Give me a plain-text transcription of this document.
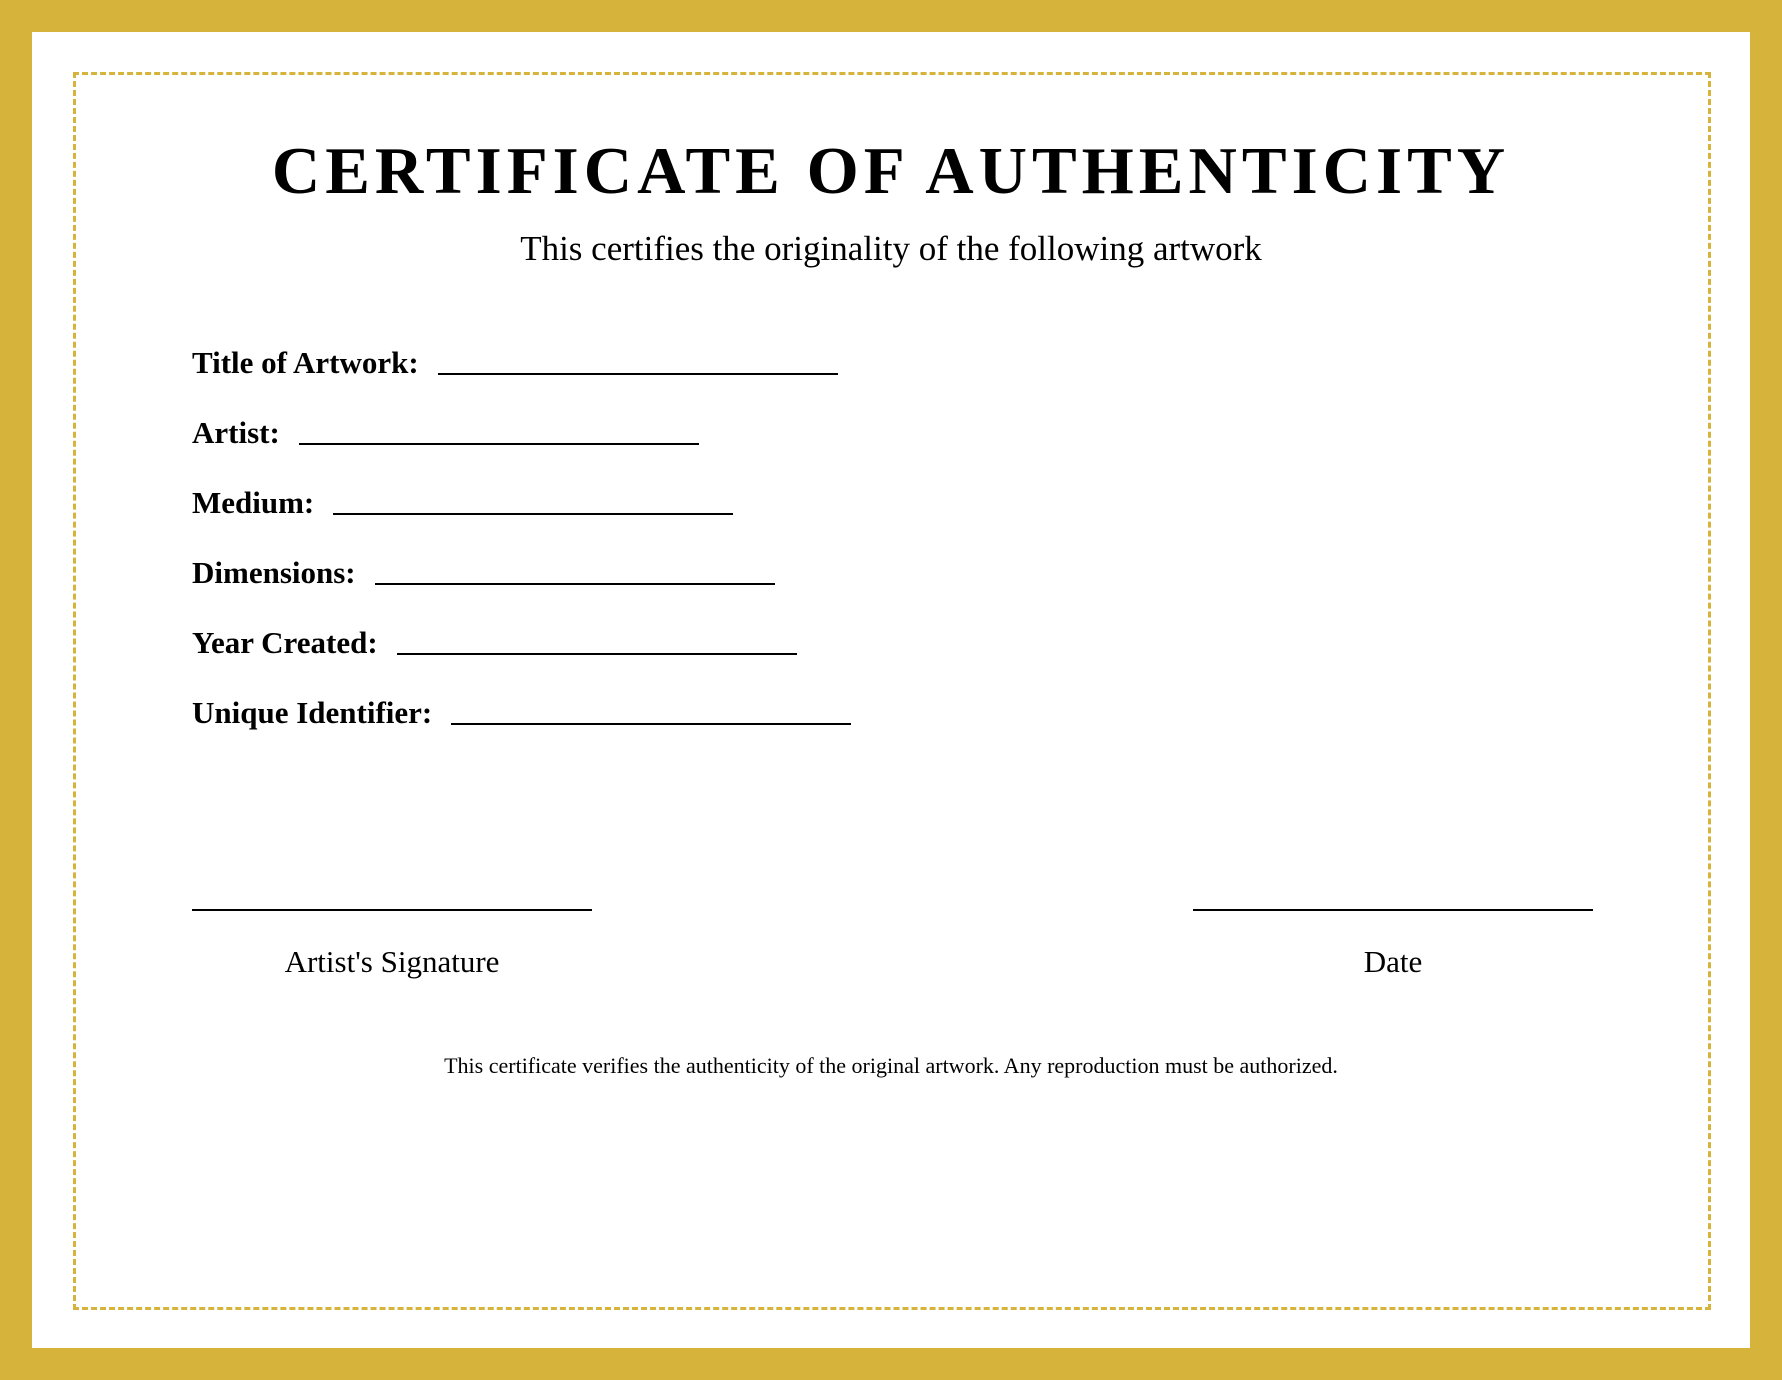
CERTIFICATE OF AUTHENTICITY
This certifies the originality of the following artwork
Title of Artwork:
Artist:
Medium:
Dimensions:
Year Created:
Unique Identifier:
Artist's Signature	Date
This certificate verifies the authenticity of the original artwork. Any reproduction must be authorized.
